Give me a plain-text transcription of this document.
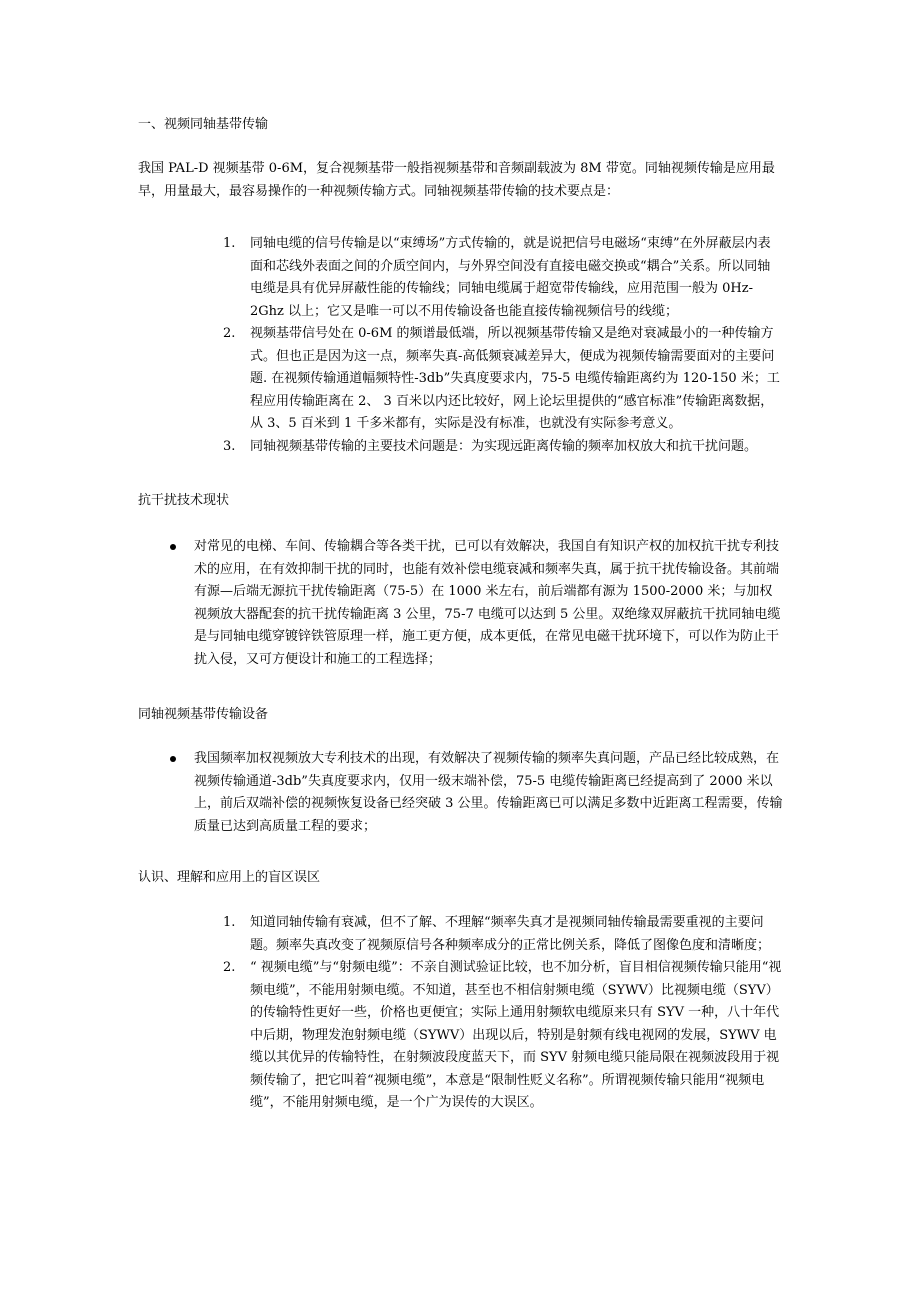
一、视频同轴基带传输
我国 PAL-D 视频基带 0-6M，复合视频基带一般指视频基带和音频副载波为 8M 带宽。同轴视频传输是应用最早，用量最大，最容易操作的一种视频传输方式。同轴视频基带传输的技术要点是：
1. 同轴电缆的信号传输是以“束缚场”方式传输的，就是说把信号电磁场“束缚”在外屏蔽层内表面和芯线外表面之间的介质空间内，与外界空间没有直接电磁交换或“耦合”关系。所以同轴电缆是具有优异屏蔽性能的传输线；同轴电缆属于超宽带传输线，应用范围一般为 0Hz-2Ghz 以上；它又是唯一可以不用传输设备也能直接传输视频信号的线缆；
2. 视频基带信号处在 0-6M 的频谱最低端，所以视频基带传输又是绝对衰减最小的一种传输方式。但也正是因为这一点，频率失真-高低频衰减差异大，便成为视频传输需要面对的主要问题. 在视频传输通道幅频特性-3db”失真度要求内，75-5 电缆传输距离约为 120-150 米；工程应用传输距离在 2、 3 百米以内还比较好，网上论坛里提供的“感官标准”传输距离数据，从 3、5 百米到 1 千多米都有，实际是没有标准，也就没有实际参考意义。
3. 同轴视频基带传输的主要技术问题是：为实现远距离传输的频率加权放大和抗干扰问题。
抗干扰技术现状
对常见的电梯、车间、传输耦合等各类干扰，已可以有效解决，我国自有知识产权的加权抗干扰专利技术的应用，在有效抑制干扰的同时，也能有效补偿电缆衰减和频率失真，属于抗干扰传输设备。其前端有源—后端无源抗干扰传输距离（75-5）在 1000 米左右，前后端都有源为 1500-2000 米；与加权视频放大器配套的抗干扰传输距离 3 公里，75-7 电缆可以达到 5 公里。双绝缘双屏蔽抗干扰同轴电缆是与同轴电缆穿镀锌铁管原理一样，施工更方便，成本更低，在常见电磁干扰环境下，可以作为防止干扰入侵，又可方便设计和施工的工程选择；
同轴视频基带传输设备
我国频率加权视频放大专利技术的出现，有效解决了视频传输的频率失真问题，产品已经比较成熟，在视频传输通道-3db”失真度要求内，仅用一级末端补偿，75-5 电缆传输距离已经提高到了 2000 米以上，前后双端补偿的视频恢复设备已经突破 3 公里。传输距离已可以满足多数中近距离工程需要，传输质量已达到高质量工程的要求；
认识、理解和应用上的盲区误区
1. 知道同轴传输有衰减，但不了解、不理解“频率失真才是视频同轴传输最需要重视的主要问题。频率失真改变了视频原信号各种频率成分的正常比例关系，降低了图像色度和清晰度；
2. “ 视频电缆”与“射频电缆”：不亲自测试验证比较，也不加分析，盲目相信视频传输只能用“视频电缆”，不能用射频电缆。不知道，甚至也不相信射频电缆（SYWV）比视频电缆（SYV）的传输特性更好一些，价格也更便宜；实际上通用射频软电缆原来只有 SYV 一种，八十年代中后期，物理发泡射频电缆（SYWV）出现以后，特别是射频有线电视网的发展，SYWV 电缆以其优异的传输特性，在射频波段度蓝天下，而 SYV 射频电缆只能局限在视频波段用于视频传输了，把它叫着“视频电缆”，本意是“限制性贬义名称”。所谓视频传输只能用“视频电缆”，不能用射频电缆，是一个广为误传的大误区。
